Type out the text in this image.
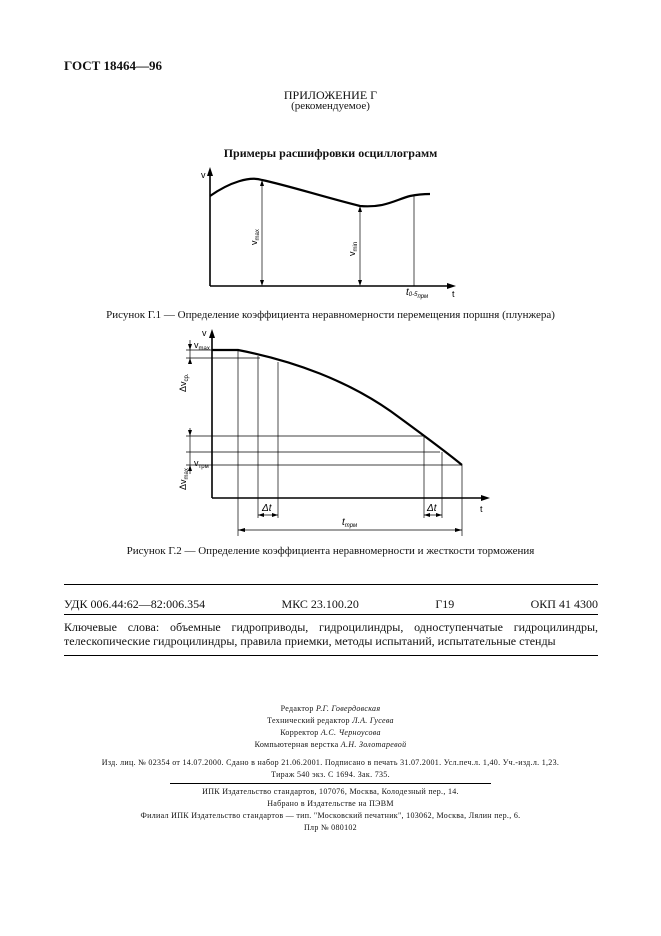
ГОСТ 18464—96
ПРИЛОЖЕНИЕ Г
(рекомендуемое)
Примеры расшифровки осциллограмм
v
t
$v_{max}$
$v_{min}$
$t0-5_{прм}$
Рисунок Г.1 — Определение коэффициента неравномерности перемещения поршня (плунжера)
v
t
$v_{max}$
$\Delta v_{ср.}$
$\Delta v_{max}$
$v_{трм}$
Δt	Δt
$t_{трм}$
Рисунок Г.2 — Определение коэффициента неравномерности и жесткости торможения
УДК 006.44:62—82:006.354	МКС 23.100.20	Г19	ОКП 41 4300
Ключевые слова: объемные гидроприводы, гидроцилиндры, одноступенчатые гидроцилиндры, телескопические гидроцилиндры, правила приемки, методы испытаний, испытательные стенды
Редактор Р.Г. Говердовская
Технический редактор Л.А. Гусева
Корректор А.С. Черноусова
Компьютерная верстка А.Н. Золотаревой
Изд. лиц. № 02354 от 14.07.2000. Сдано в набор 21.06.2001. Подписано в печать 31.07.2001. Усл.печ.л. 1,40. Уч.-изд.л. 1,23.
Тираж 540 экз. С 1694. Зак. 735.
ИПК Издательство стандартов, 107076, Москва, Колодезный пер., 14.
Набрано в Издательстве на ПЭВМ
Филиал ИПК Издательство стандартов — тип. "Московский печатник", 103062, Москва, Лялин пер., 6.
Плр № 080102
